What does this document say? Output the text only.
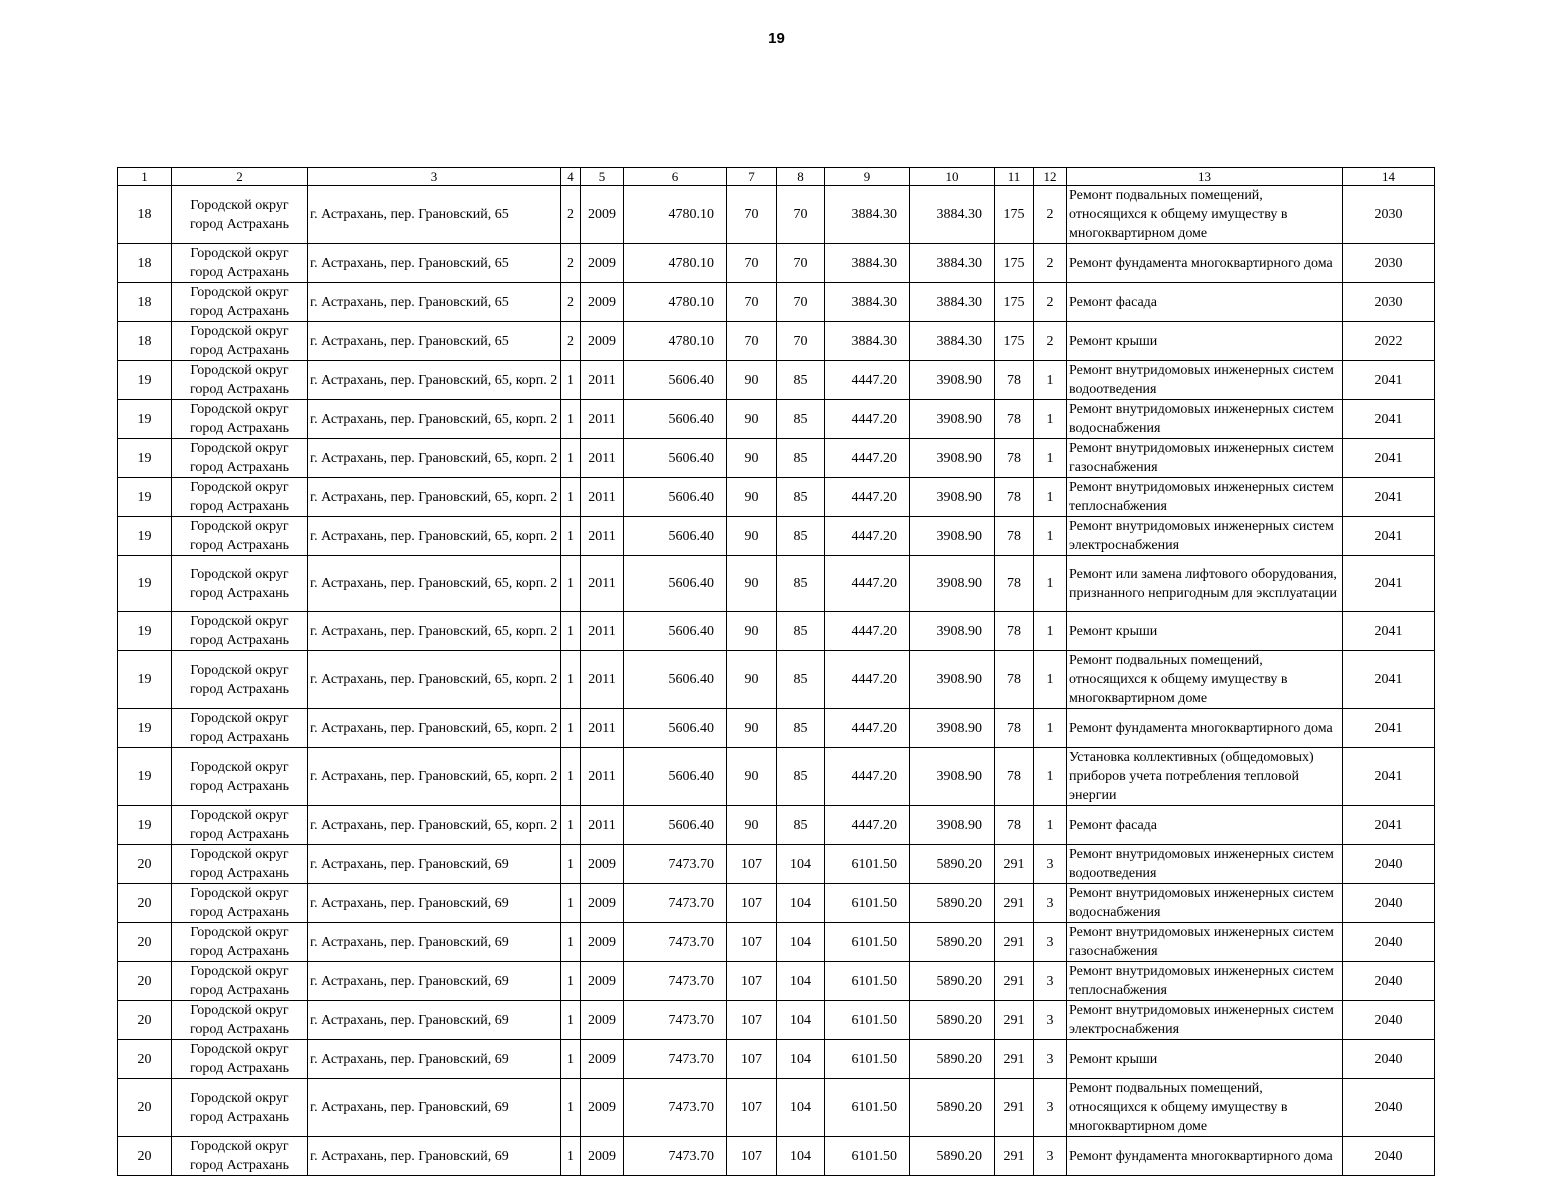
19
1	2	3	4	5	6	7	8	9	10	11	12	13	14
18	Городской округ город Астрахань	г. Астрахань, пер. Грановский, 65	2	2009	4780.10	70	70	3884.30	3884.30	175	2	Ремонт подвальных помещений, относящихся к общему имуществу в многоквартирном доме	2030
18	Городской округ город Астрахань	г. Астрахань, пер. Грановский, 65	2	2009	4780.10	70	70	3884.30	3884.30	175	2	Ремонт фундамента многоквартирного дома	2030
18	Городской округ город Астрахань	г. Астрахань, пер. Грановский, 65	2	2009	4780.10	70	70	3884.30	3884.30	175	2	Ремонт фасада	2030
18	Городской округ город Астрахань	г. Астрахань, пер. Грановский, 65	2	2009	4780.10	70	70	3884.30	3884.30	175	2	Ремонт крыши	2022
19	Городской округ город Астрахань	г. Астрахань, пер. Грановский, 65, корп. 2	1	2011	5606.40	90	85	4447.20	3908.90	78	1	Ремонт внутридомовых инженерных систем водоотведения	2041
19	Городской округ город Астрахань	г. Астрахань, пер. Грановский, 65, корп. 2	1	2011	5606.40	90	85	4447.20	3908.90	78	1	Ремонт внутридомовых инженерных систем водоснабжения	2041
19	Городской округ город Астрахань	г. Астрахань, пер. Грановский, 65, корп. 2	1	2011	5606.40	90	85	4447.20	3908.90	78	1	Ремонт внутридомовых инженерных систем газоснабжения	2041
19	Городской округ город Астрахань	г. Астрахань, пер. Грановский, 65, корп. 2	1	2011	5606.40	90	85	4447.20	3908.90	78	1	Ремонт внутридомовых инженерных систем теплоснабжения	2041
19	Городской округ город Астрахань	г. Астрахань, пер. Грановский, 65, корп. 2	1	2011	5606.40	90	85	4447.20	3908.90	78	1	Ремонт внутридомовых инженерных систем электроснабжения	2041
19	Городской округ город Астрахань	г. Астрахань, пер. Грановский, 65, корп. 2	1	2011	5606.40	90	85	4447.20	3908.90	78	1	Ремонт или замена лифтового оборудования, признанного непригодным для эксплуатации	2041
19	Городской округ город Астрахань	г. Астрахань, пер. Грановский, 65, корп. 2	1	2011	5606.40	90	85	4447.20	3908.90	78	1	Ремонт крыши	2041
19	Городской округ город Астрахань	г. Астрахань, пер. Грановский, 65, корп. 2	1	2011	5606.40	90	85	4447.20	3908.90	78	1	Ремонт подвальных помещений, относящихся к общему имуществу в многоквартирном доме	2041
19	Городской округ город Астрахань	г. Астрахань, пер. Грановский, 65, корп. 2	1	2011	5606.40	90	85	4447.20	3908.90	78	1	Ремонт фундамента многоквартирного дома	2041
19	Городской округ город Астрахань	г. Астрахань, пер. Грановский, 65, корп. 2	1	2011	5606.40	90	85	4447.20	3908.90	78	1	Установка коллективных (общедомовых) приборов учета потребления тепловой энергии	2041
19	Городской округ город Астрахань	г. Астрахань, пер. Грановский, 65, корп. 2	1	2011	5606.40	90	85	4447.20	3908.90	78	1	Ремонт фасада	2041
20	Городской округ город Астрахань	г. Астрахань, пер. Грановский, 69	1	2009	7473.70	107	104	6101.50	5890.20	291	3	Ремонт внутридомовых инженерных систем водоотведения	2040
20	Городской округ город Астрахань	г. Астрахань, пер. Грановский, 69	1	2009	7473.70	107	104	6101.50	5890.20	291	3	Ремонт внутридомовых инженерных систем водоснабжения	2040
20	Городской округ город Астрахань	г. Астрахань, пер. Грановский, 69	1	2009	7473.70	107	104	6101.50	5890.20	291	3	Ремонт внутридомовых инженерных систем газоснабжения	2040
20	Городской округ город Астрахань	г. Астрахань, пер. Грановский, 69	1	2009	7473.70	107	104	6101.50	5890.20	291	3	Ремонт внутридомовых инженерных систем теплоснабжения	2040
20	Городской округ город Астрахань	г. Астрахань, пер. Грановский, 69	1	2009	7473.70	107	104	6101.50	5890.20	291	3	Ремонт внутридомовых инженерных систем электроснабжения	2040
20	Городской округ город Астрахань	г. Астрахань, пер. Грановский, 69	1	2009	7473.70	107	104	6101.50	5890.20	291	3	Ремонт крыши	2040
20	Городской округ город Астрахань	г. Астрахань, пер. Грановский, 69	1	2009	7473.70	107	104	6101.50	5890.20	291	3	Ремонт подвальных помещений, относящихся к общему имуществу в многоквартирном доме	2040
20	Городской округ город Астрахань	г. Астрахань, пер. Грановский, 69	1	2009	7473.70	107	104	6101.50	5890.20	291	3	Ремонт фундамента многоквартирного дома	2040
